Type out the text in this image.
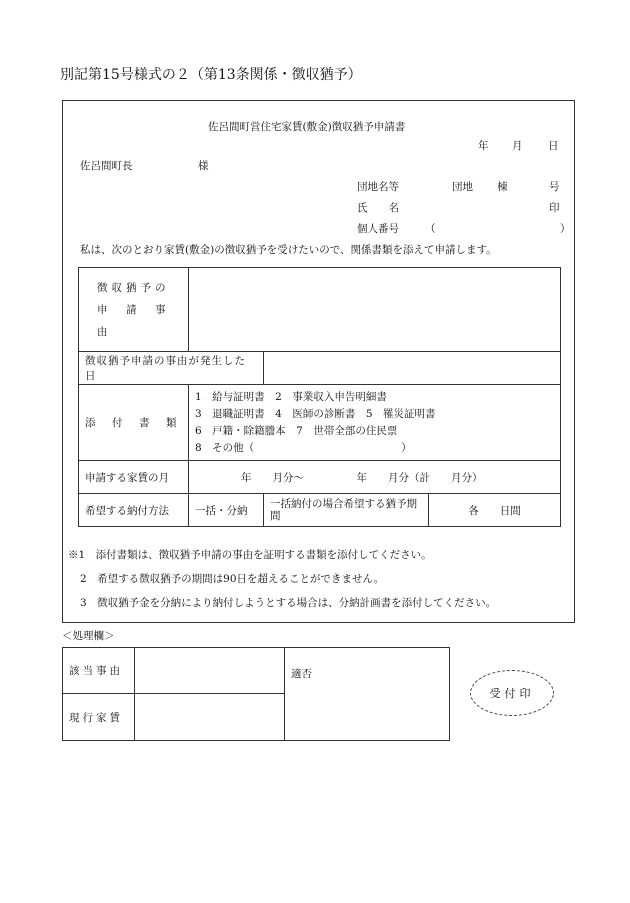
別記第15号様式の２（第13条関係・徴収猶予）
佐呂間町営住宅家賃(敷金)徴収猶予申請書
年 月 日
佐呂間町長	様
団地名等	団地 棟	号
氏　　名	印
個人番号 （	）
私は、次のとおり家賃(敷金)の徴収猶予を受けたいので、関係書類を添えて申請します。
徴収猶予の
申　請　事　由			

徴収猶予申請の事由が発生した日			
添　付　書　類	1　給与証明書　2　事業収入申告明細書
3　退職証明書　4　医師の診断書　5　罹災証明書
6　戸籍・除籍謄本　7　世帯全部の住民票
8　その他（　　　　　　　　　　　　　　）		

申請する家賃の月	年　　月分～　　　　　年　　月分（計　　月分）		
希望する納付方法	一括・分納	一括納付の場合希望する猶予期間	各　　日間
※1　添付書類は、徴収猶予申請の事由を証明する書類を添付してください。
2　希望する徴収猶予の期間は90日を超えることができません。
3　徴収猶予金を分納により納付しようとする場合は、分納計画書を添付してください。
＜処理欄＞
該当事由		適否
現行家賃		
受付印
